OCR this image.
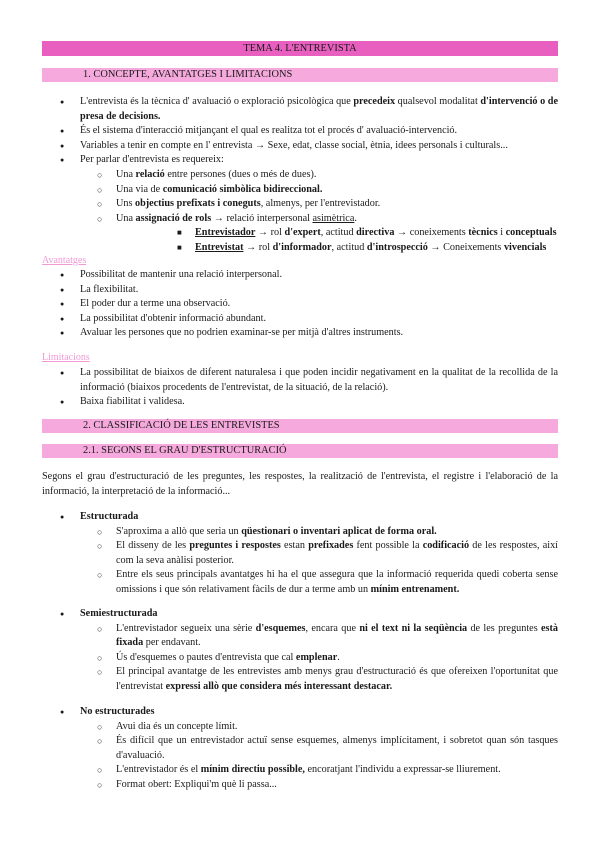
TEMA 4. L'ENTREVISTA
1. CONCEPTE, AVANTATGES I LIMITACIONS
● L'entrevista és la tècnica d' avaluació o exploració psicològica que precedeix qualsevol modalitat d'intervenció o de presa de decisions.
● És el sistema d'interacció mitjançant el qual es realitza tot el procés d' avaluació-intervenció.
● Variables a tenir en compte en l' entrevista → Sexe, edat, classe social, ètnia, idees personals i culturals...
● Per parlar d'entrevista es requereix:
○ Una relació entre persones (dues o més de dues).
○ Una via de comunicació simbòlica bidireccional.
○ Uns objectius prefixats i coneguts, almenys, per l'entrevistador.
○ Una assignació de rols → relació interpersonal asimètrica.
■ Entrevistador → rol d'expert, actitud directiva → coneixements tècnics i conceptuals
■ Entrevistat → rol d'informador, actitud d'introspecció → Coneixements vivencials
Avantatges
● Possibilitat de mantenir una relació interpersonal.
● La flexibilitat.
● El poder dur a terme una observació.
● La possibilitat d'obtenir informació abundant.
● Avaluar les persones que no podrien examinar-se per mitjà d'altres instruments.
Limitacions
● La possibilitat de biaixos de diferent naturalesa i que poden incidir negativament en la qualitat de la recollida de la informació (biaixos procedents de l'entrevistat, de la situació, de la relació).
● Baixa fiabilitat i validesa.
2. CLASSIFICACIÓ DE LES ENTREVISTES
2.1. SEGONS EL GRAU D'ESTRUCTURACIÓ
Segons el grau d'estructuració de les preguntes, les respostes, la realització de l'entrevista, el registre i l'elaboració de la informació, la interpretació de la informació...
● Estructurada
○ S'aproxima a allò que seria un qüestionari o inventari aplicat de forma oral.
○ El disseny de les preguntes i respostes estan prefixades fent possible la codificació de les respostes, així com la seva anàlisi posterior.
○ Entre els seus principals avantatges hi ha el que assegura que la informació requerida quedi coberta sense omissions i que són relativament fàcils de dur a terme amb un mínim entrenament.
● Semiestructurada
○ L'entrevistador segueix una sèrie d'esquemes, encara que ni el text ni la seqüència de les preguntes està fixada per endavant.
○ Ús d'esquemes o pautes d'entrevista que cal emplenar.
○ El principal avantatge de les entrevistes amb menys grau d'estructuració és que ofereixen l'oportunitat que l'entrevistat expressi allò que considera més interessant destacar.
● No estructurades
○ Avui dia és un concepte límit.
○ És difícil que un entrevistador actuï sense esquemes, almenys implícitament, i sobretot quan són tasques d'avaluació.
○ L'entrevistador és el mínim directiu possible, encoratjant l'individu a expressar-se lliurement.
○ Format obert: Expliqui'm què li passa...
